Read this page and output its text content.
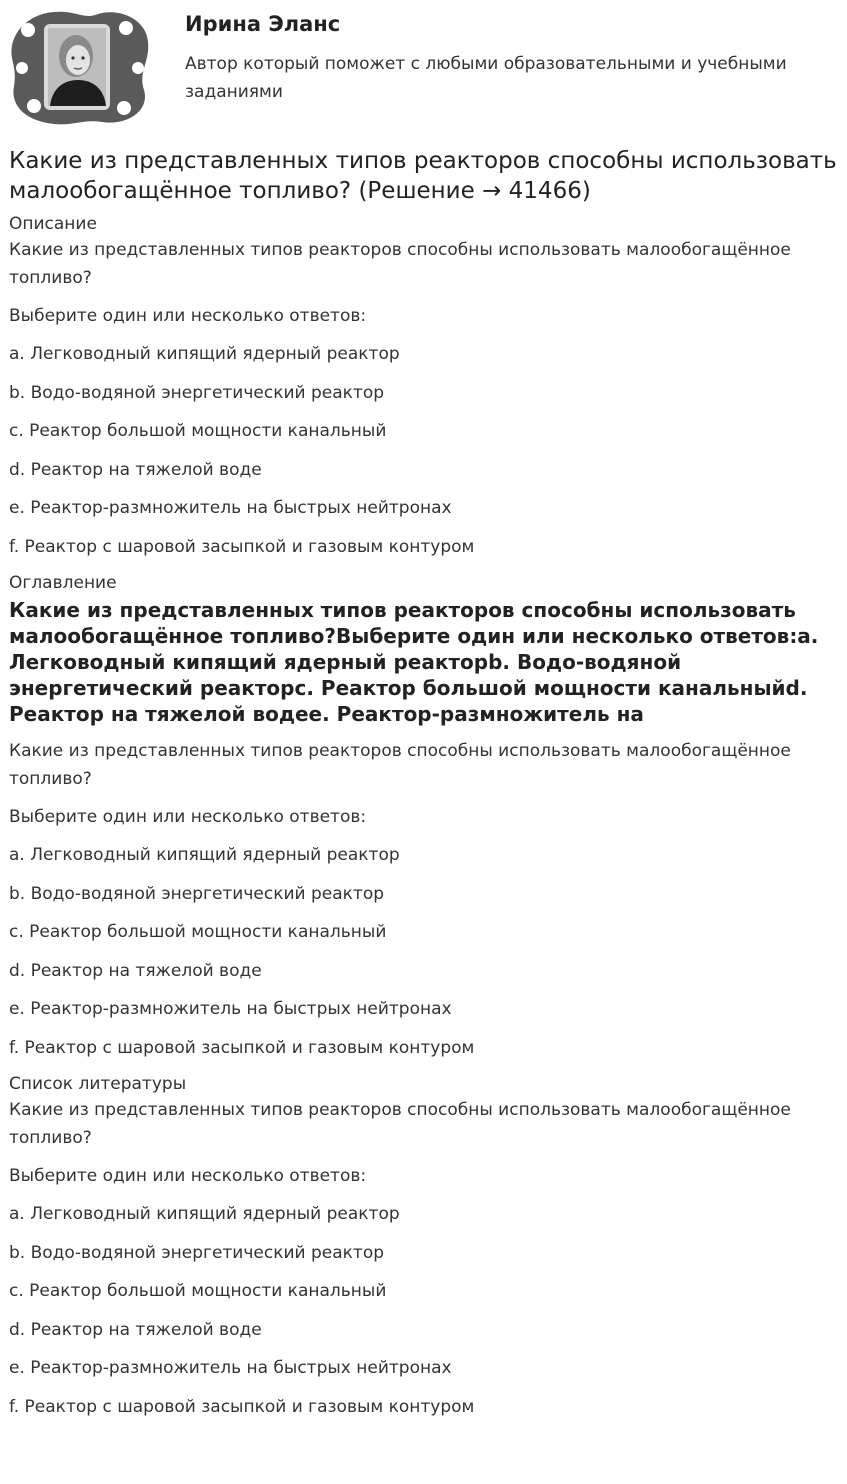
Ирина Эланс
Автор который поможет с любыми образовательными и учебными заданиями
Какие из представленных типов реакторов способны использовать малообогащённое топливо? (Решение → 41466)
Описание

Какие из представленных типов реакторов способны использовать малообогащённое топливо?

Выберите один или несколько ответов:

a. Легководный кипящий ядерный реактор
b. Водо-водяной энергетический реактор
c. Реактор большой мощности канальный
d. Реактор на тяжелой воде
e. Реактор-размножитель на быстрых нейтронах
f. Реактор с шаровой засыпкой и газовым контуром
Оглавление
Какие из представленных типов реакторов способны использовать малообогащённое топливо?Выберите один или несколько ответов:a. Легководный кипящий ядерный реакторb. Водо-водяной энергетический реакторc. Реактор большой мощности канальныйd. Реактор на тяжелой водеe. Реактор-размножитель на

Какие из представленных типов реакторов способны использовать малообогащённое топливо?

Выберите один или несколько ответов:

a. Легководный кипящий ядерный реактор
b. Водо-водяной энергетический реактор
c. Реактор большой мощности канальный
d. Реактор на тяжелой воде
e. Реактор-размножитель на быстрых нейтронах
f. Реактор с шаровой засыпкой и газовым контуром
Список литературы

Какие из представленных типов реакторов способны использовать малообогащённое топливо?

Выберите один или несколько ответов:

a. Легководный кипящий ядерный реактор
b. Водо-водяной энергетический реактор
c. Реактор большой мощности канальный
d. Реактор на тяжелой воде
e. Реактор-размножитель на быстрых нейтронах
f. Реактор с шаровой засыпкой и газовым контуром
